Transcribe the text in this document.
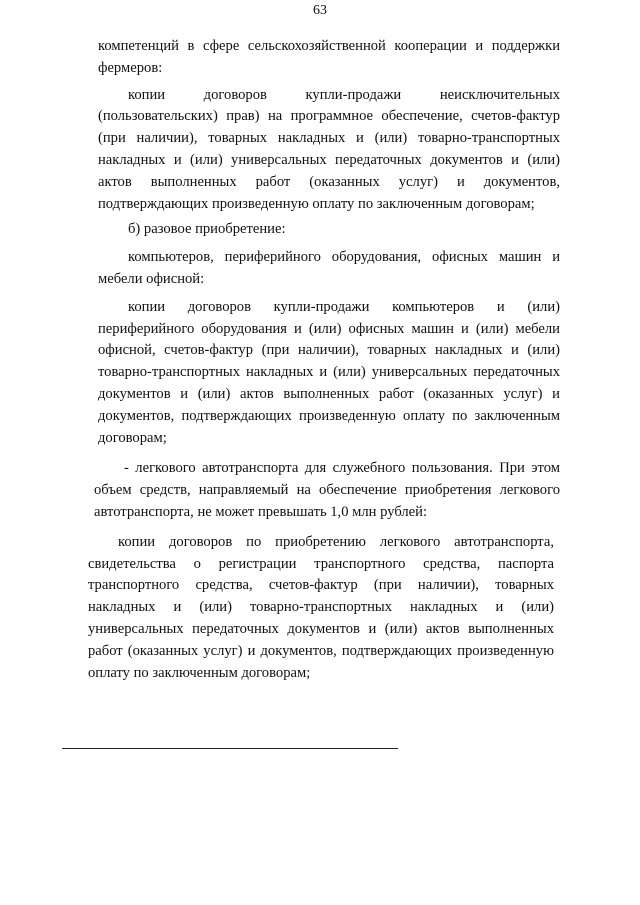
63

компетенций в сфере сельскохозяйственной кооперации и поддержки фермеров:

копии договоров купли-продажи неисключительных (пользовательских) прав) на программное обеспечение, счетов-фактур (при наличии), товарных накладных и (или) товарно-транспортных накладных и (или) универсальных передаточных документов и (или) актов выполненных работ (оказанных услуг) и документов, подтверждающих произведенную оплату по заключенным договорам;

б) разовое приобретение:

компьютеров, периферийного оборудования, офисных машин и мебели офисной:

копии договоров купли-продажи компьютеров и (или) периферийного оборудования и (или) офисных машин и (или) мебели офисной, счетов-фактур (при наличии), товарных накладных и (или) товарно-транспортных накладных и (или) универсальных передаточных документов и (или) актов выполненных работ (оказанных услуг) и документов, подтверждающих произведенную оплату по заключенным договорам;

- легкового автотранспорта для служебного пользования. При этом объем средств, направляемый на обеспечение приобретения легкового автотранспорта, не может превышать 1,0 млн рублей:

копии договоров по приобретению легкового автотранспорта, свидетельства о регистрации транспортного средства, паспорта транспортного средства, счетов-фактур (при наличии), товарных накладных и (или) товарно-транспортных накладных и (или) универсальных передаточных документов и (или) актов выполненных работ (оказанных услуг) и документов, подтверждающих произведенную оплату по заключенным договорам;
